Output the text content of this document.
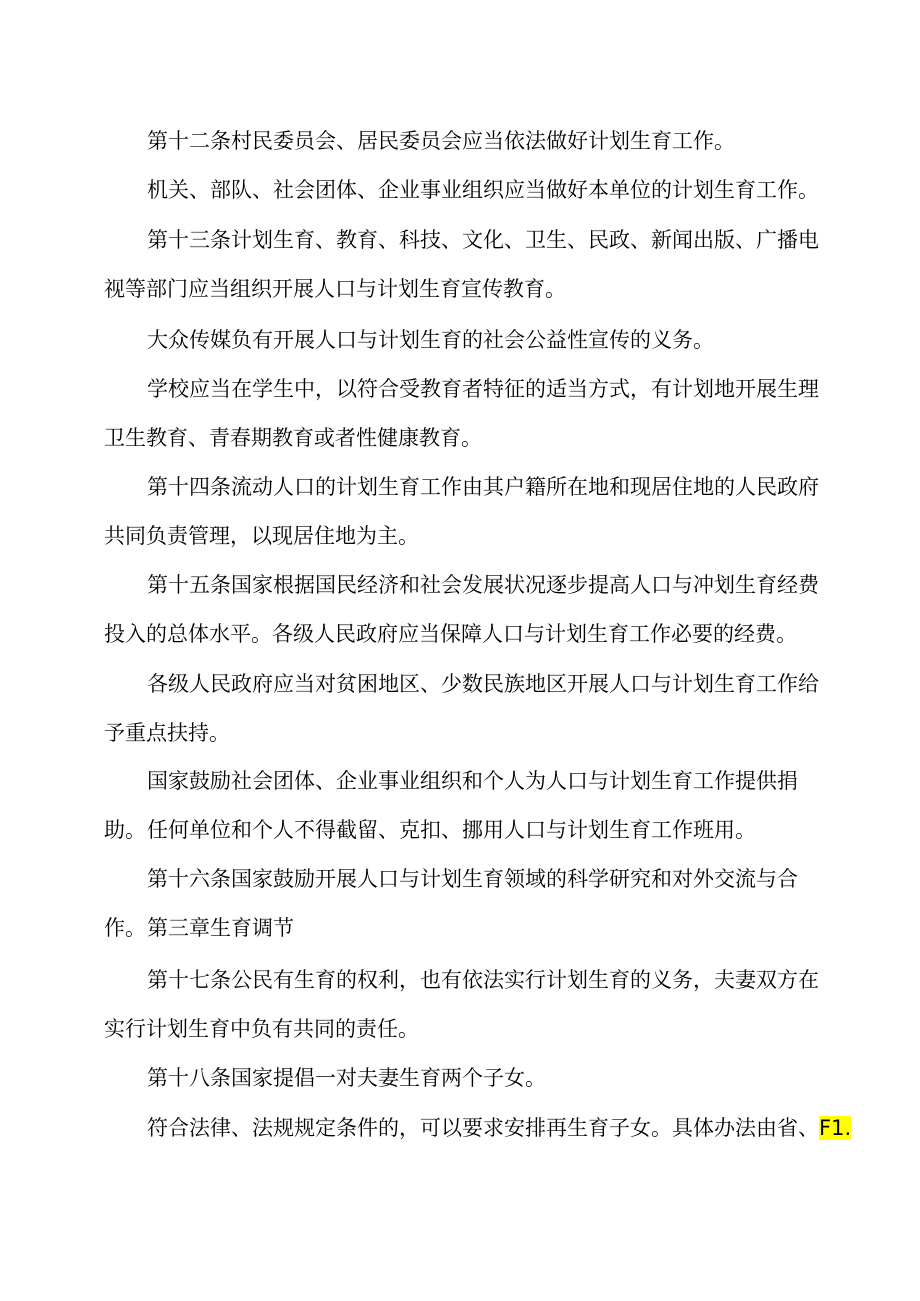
第十二条村民委员会、居民委员会应当依法做好计划生育工作。

机关、部队、社会团体、企业事业组织应当做好本单位的计划生育工作。

第十三条计划生育、教育、科技、文化、卫生、民政、新闻出版、广播电视等部门应当组织开展人口与计划生育宣传教育。

大众传媒负有开展人口与计划生育的社会公益性宣传的义务。

学校应当在学生中，以符合受教育者特征的适当方式，有计划地开展生理卫生教育、青春期教育或者性健康教育。

第十四条流动人口的计划生育工作由其户籍所在地和现居住地的人民政府共同负责管理，以现居住地为主。

第十五条国家根据国民经济和社会发展状况逐步提高人口与冲划生育经费投入的总体水平。各级人民政府应当保障人口与计划生育工作必要的经费。

各级人民政府应当对贫困地区、少数民族地区开展人口与计划生育工作给予重点扶持。

国家鼓励社会团体、企业事业组织和个人为人口与计划生育工作提供捐助。 任何单位和个人不得截留、克扣、挪用人口与计划生育工作班用。

第十六条国家鼓励开展人口与计划生育领域的科学研究和对外交流与合作。 第三章生育调节

第十七条公民有生育的权利，也有依法实行计划生育的义务，夫妻双方在实行计划生育中负有共同的责任。

第十八条国家提倡一对夫妻生育两个子女。

符合法律、法规规定条件的，可以要求安排再生育子女。具体办法由省、F1.
